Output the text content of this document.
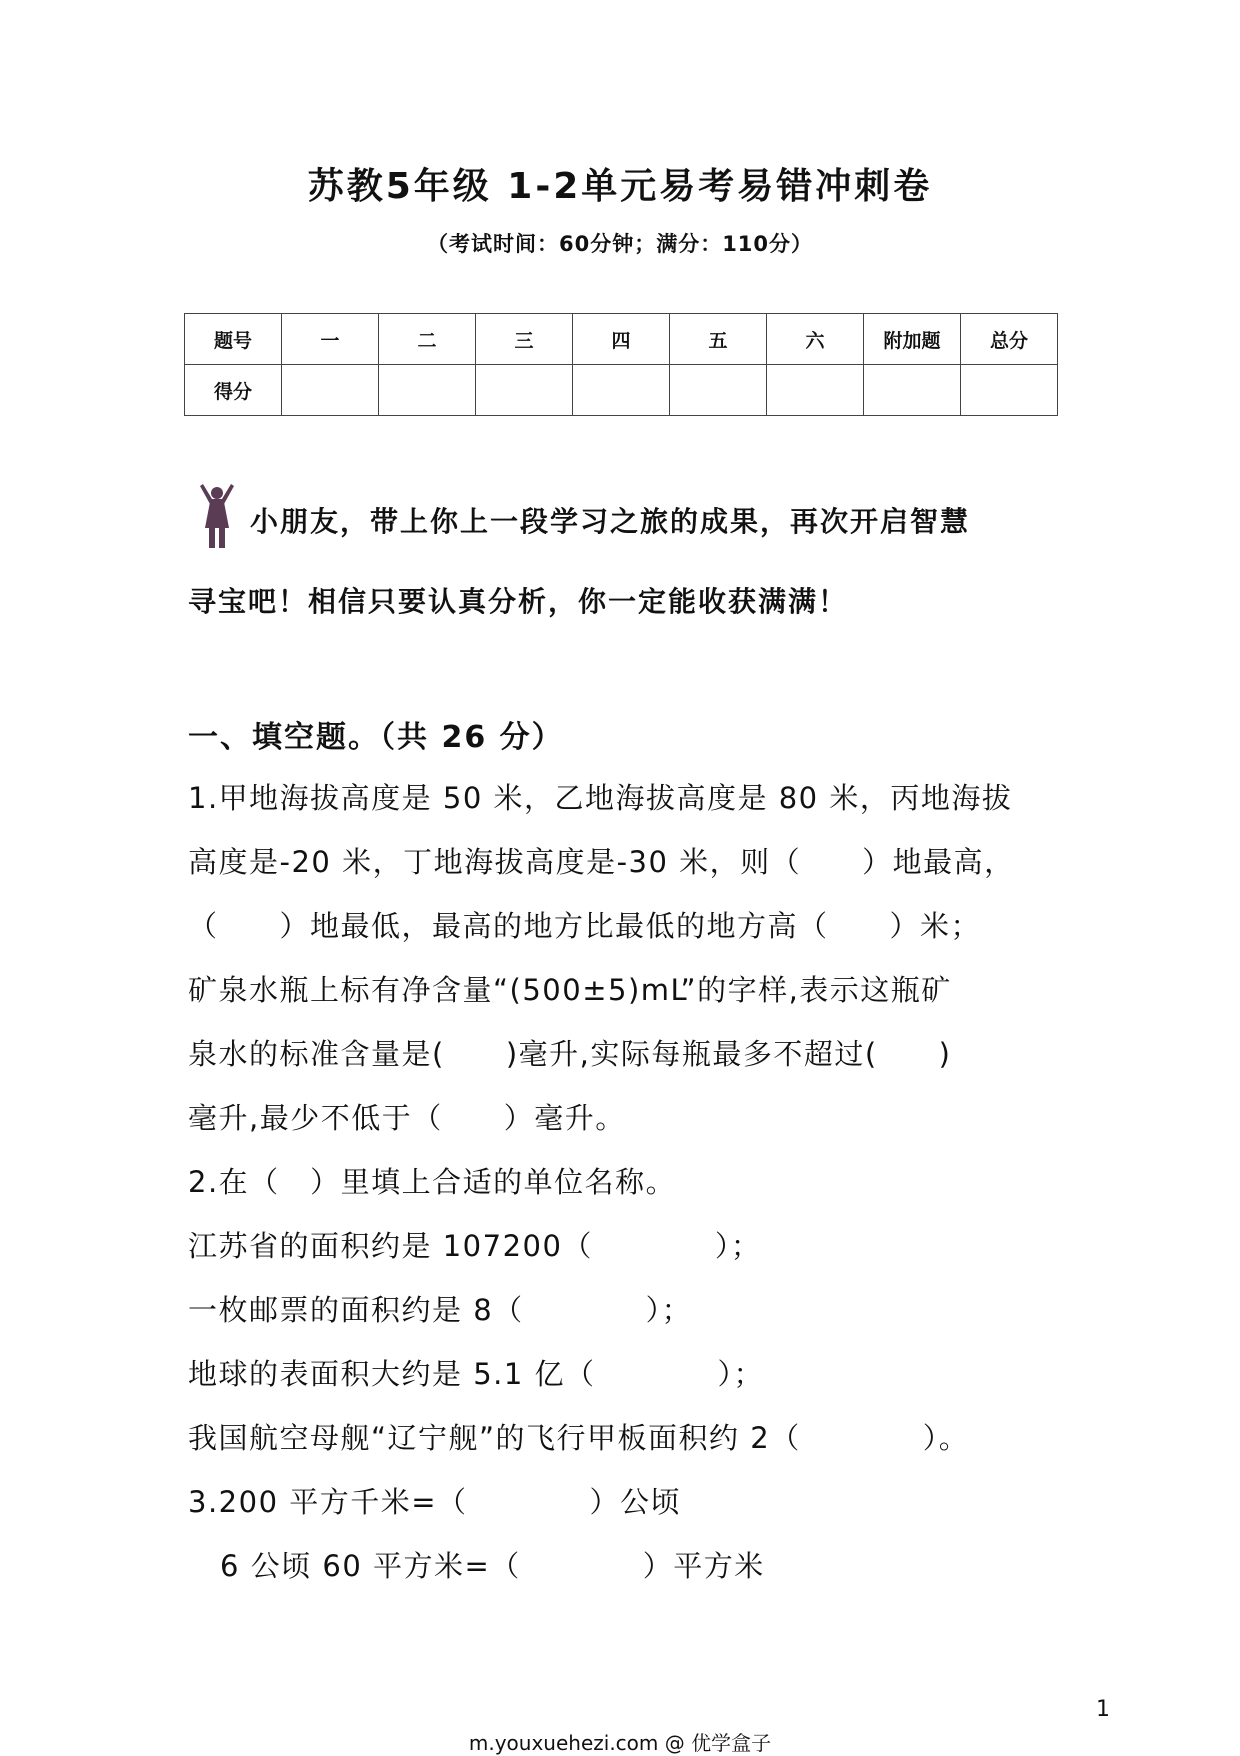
苏教5年级 1-2单元易考易错冲刺卷
（考试时间：60分钟；满分：110分）
题号	一	二	三	四	五	六	附加题	总分
得分								
小朋友，带上你上一段学习之旅的成果，再次开启智慧
寻宝吧！相信只要认真分析，你一定能收获满满！
一、填空题。（共 26 分）
1.甲地海拔高度是 50 米，乙地海拔高度是 80 米，丙地海拔
高度是-20 米，丁地海拔高度是-30 米，则（　　）地最高，
（　　）地最低，最高的地方比最低的地方高（　　）米；
矿泉水瓶上标有净含量“(500±5)mL”的字样,表示这瓶矿
泉水的标准含量是(　　)毫升,实际每瓶最多不超过(　　)
毫升,最少不低于（　　）毫升。
2.在（　）里填上合适的单位名称。
江苏省的面积约是 107200（　　　　）；
一枚邮票的面积约是 8（　　　　）；
地球的表面积大约是 5.1 亿（　　　　）；
我国航空母舰“辽宁舰”的飞行甲板面积约 2（　　　　）。
3.200 平方千米=（　　　　）公顷
6 公顷 60 平方米=（　　　　）平方米
1
m.youxuehezi.com @ 优学盒子
